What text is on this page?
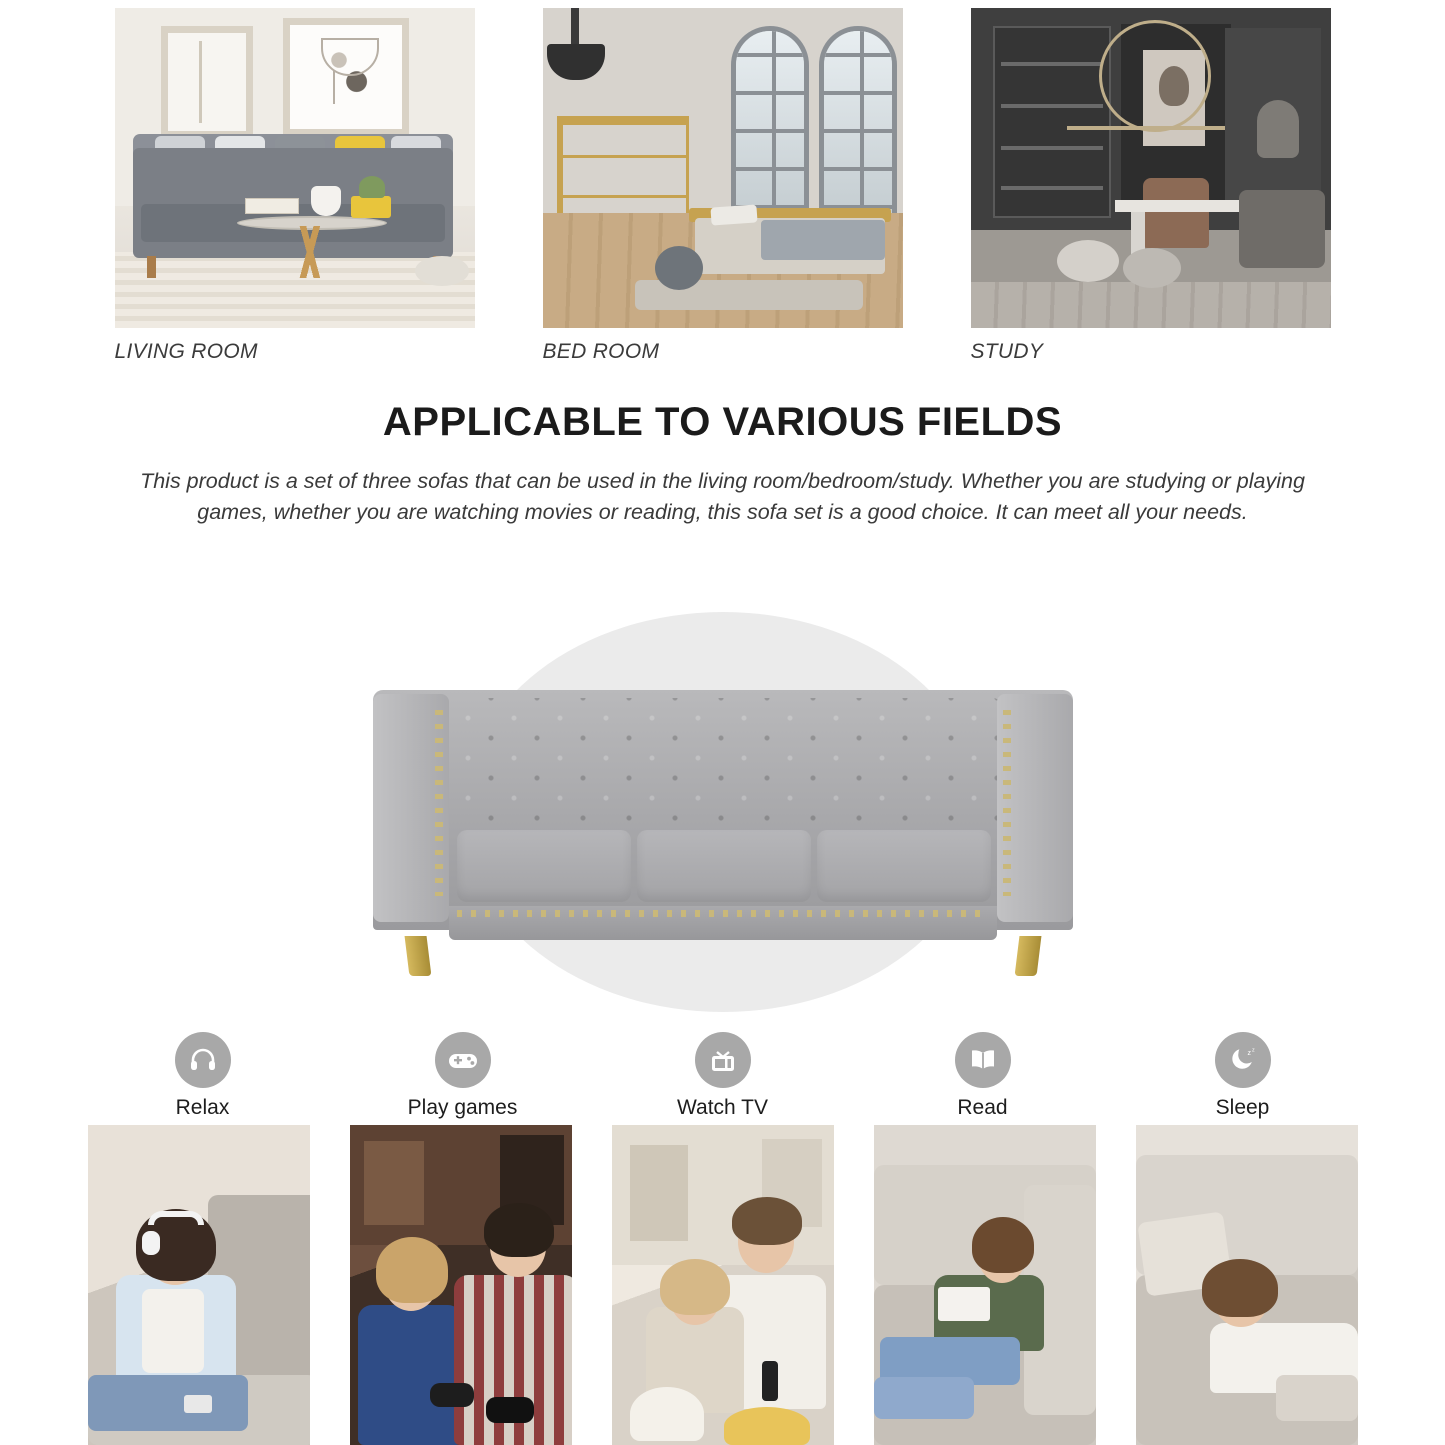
LIVING ROOM	BED ROOM	STUDY
APPLICABLE TO VARIOUS FIELDS
This product is a set of three sofas that can be used in the living room/bedroom/study. Whether you are studying or playing games, whether you are watching movies or reading, this sofa set is a good choice. It can meet all your needs.
Relax	Play games	Watch TV	Read
z z
Sleep
